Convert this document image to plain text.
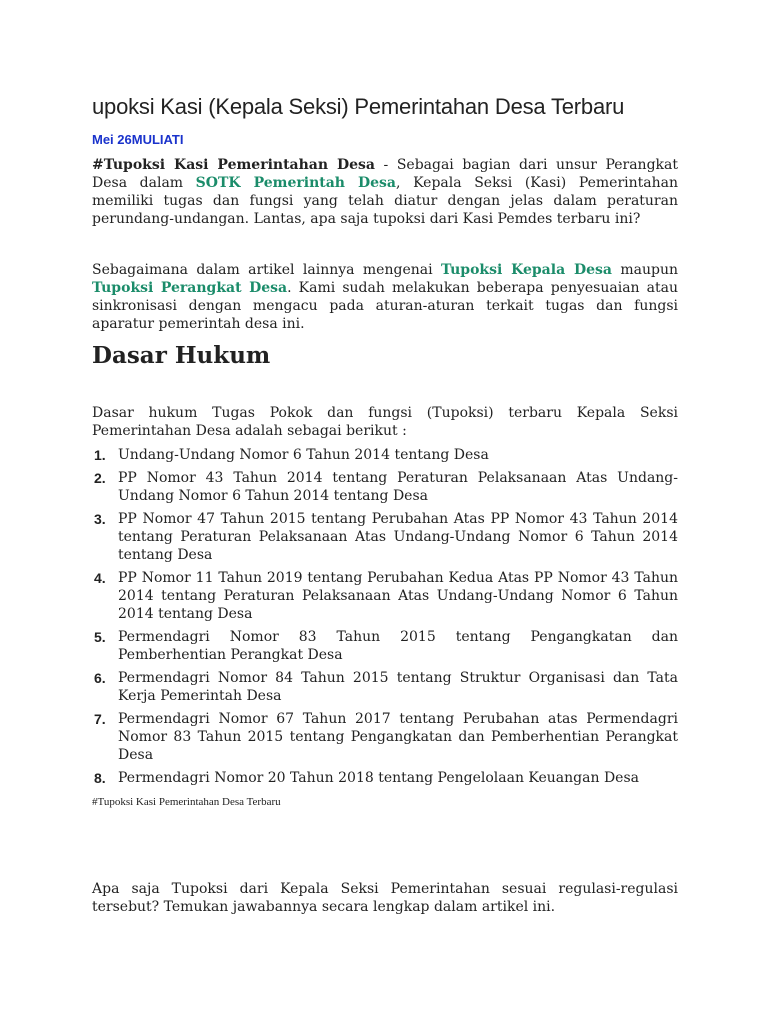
upoksi Kasi (Kepala Seksi) Pemerintahan Desa Terbaru

Mei 26MULIATI

#Tupoksi Kasi Pemerintahan Desa - Sebagai bagian dari unsur Perangkat Desa dalam SOTK Pemerintah Desa, Kepala Seksi (Kasi) Pemerintahan memiliki tugas dan fungsi yang telah diatur dengan jelas dalam peraturan perundang-undangan. Lantas, apa saja tupoksi dari Kasi Pemdes terbaru ini?

Sebagaimana dalam artikel lainnya mengenai Tupoksi Kepala Desa maupun Tupoksi Perangkat Desa. Kami sudah melakukan beberapa penyesuaian atau sinkronisasi dengan mengacu pada aturan-aturan terkait tugas dan fungsi aparatur pemerintah desa ini.

Dasar Hukum

Dasar hukum Tugas Pokok dan fungsi (Tupoksi) terbaru Kepala Seksi Pemerintahan Desa adalah sebagai berikut :

1. Undang-Undang Nomor 6 Tahun 2014 tentang Desa
2. PP Nomor 43 Tahun 2014 tentang Peraturan Pelaksanaan Atas Undang-Undang Nomor 6 Tahun 2014 tentang Desa
3. PP Nomor 47 Tahun 2015 tentang Perubahan Atas PP Nomor 43 Tahun 2014 tentang Peraturan Pelaksanaan Atas Undang-Undang Nomor 6 Tahun 2014 tentang Desa
4. PP Nomor 11 Tahun 2019 tentang Perubahan Kedua Atas PP Nomor 43 Tahun 2014 tentang Peraturan Pelaksanaan Atas Undang-Undang Nomor 6 Tahun 2014 tentang Desa
5. Permendagri Nomor 83 Tahun 2015 tentang Pengangkatan dan Pemberhentian Perangkat Desa
6. Permendagri Nomor 84 Tahun 2015 tentang Struktur Organisasi dan Tata Kerja Pemerintah Desa
7. Permendagri Nomor 67 Tahun 2017 tentang Perubahan atas Permendagri Nomor 83 Tahun 2015 tentang Pengangkatan dan Pemberhentian Perangkat Desa
8. Permendagri Nomor 20 Tahun 2018 tentang Pengelolaan Keuangan Desa

#Tupoksi Kasi Pemerintahan Desa Terbaru

Apa saja Tupoksi dari Kepala Seksi Pemerintahan sesuai regulasi-regulasi tersebut? Temukan jawabannya secara lengkap dalam artikel ini.
